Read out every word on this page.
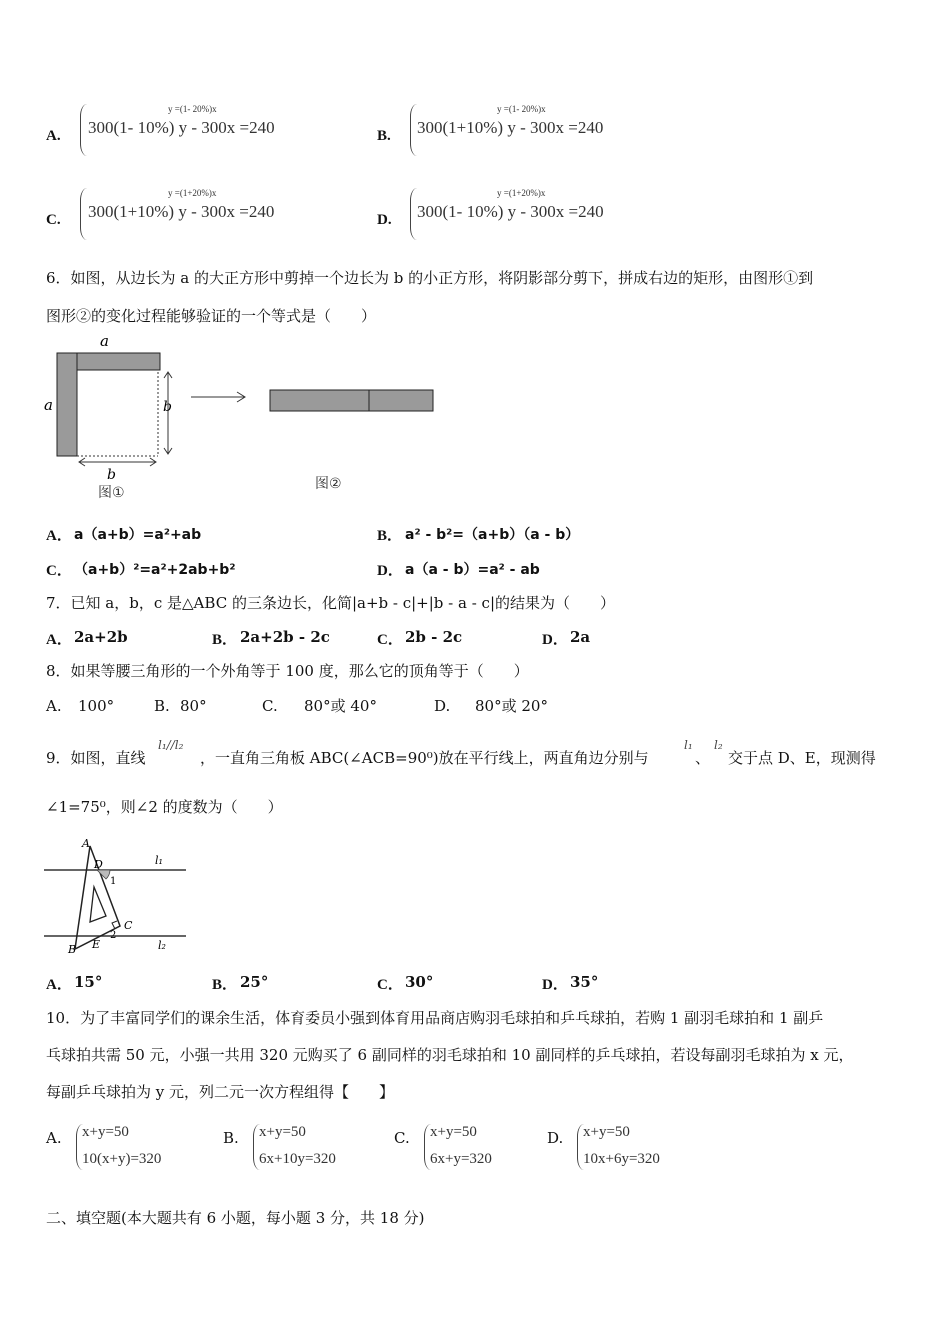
A.
y =(1- 20%)x
300(1- 10%) y - 300x =240	B.
y =(1- 20%)x
300(1+10%) y - 300x =240
C.
y =(1+20%)x
300(1+10%) y - 300x =240	D.
y =(1+20%)x
300(1- 10%) y - 300x =240
6．如图，从边长为 a 的大正方形中剪掉一个边长为 b 的小正方形，将阴影部分剪下，拼成右边的矩形，由图形①到
图形②的变化过程能够验证的一个等式是（　　）
a
a	b
b
图①
图②
A． a（a+b）=a²+ab	B． a² - b²=（a+b）（a - b）
C． （a+b）²=a²+2ab+b²	D． a（a - b）=a² - ab
7．已知 a，b，c 是△ABC 的三条边长，化简|a+b - c|+|b - a - c|的结果为（　　）
A． 2a+2b	B． 2a+2b - 2c	C． 2b - 2c	D． 2a
8．如果等腰三角形的一个外角等于 100 度，那么它的顶角等于（　　）
A. 100°	B. 80°	C. 80°或 40°	D. 80°或 20°
9．如图，直线
l₁//l₂
，一直角三角板 ABC(∠ACB=90⁰)放在平行线上，两直角边分别与
l₁
、
l₂
交于点 D、E，现测得
∠1=75⁰，则∠2 的度数为（　　）
A
D
1
C
2
E
B
l₁
l₂
A． 15°	B． 25°	C． 30°	D． 35°
10．为了丰富同学们的课余生活，体育委员小强到体育用品商店购羽毛球拍和乒乓球拍，若购 1 副羽毛球拍和 1 副乒
乓球拍共需 50 元，小强一共用 320 元购买了 6 副同样的羽毛球拍和 10 副同样的乒乓球拍，若设每副羽毛球拍为 x 元，
每副乒乓球拍为 y 元，列二元一次方程组得【　　】
A. x+y=50
10(x+y)=320
B. x+y=50
6x+10y=320
C. x+y=50
6x+y=320
D. x+y=50
10x+6y=320
二、填空题(本大题共有 6 小题，每小题 3 分，共 18 分)
